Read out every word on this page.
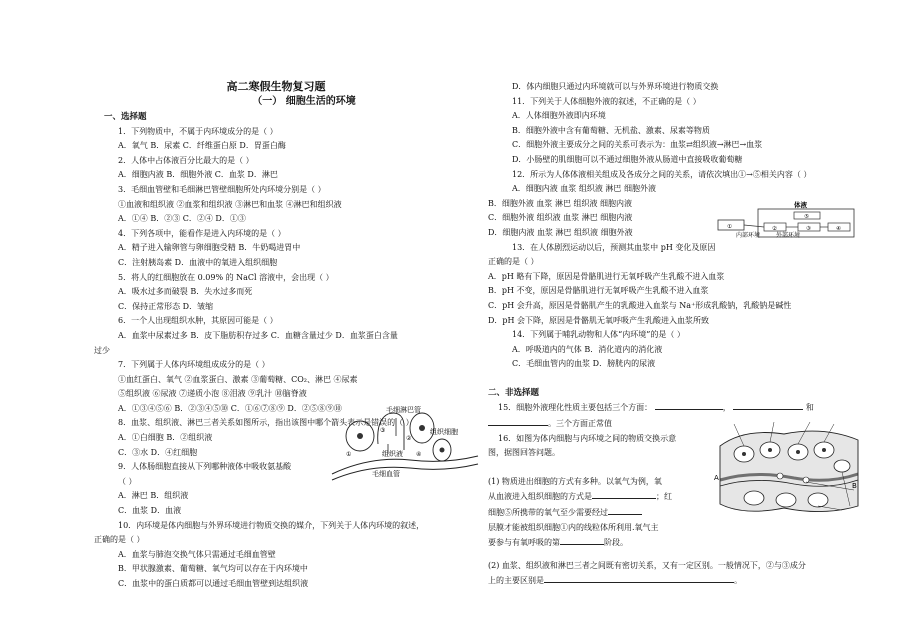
高二寒假生物复习题
（一） 细胞生活的环境
一、选择题
1．下列物质中，不属于内环境成分的是（ ）
A．氧气 B．尿素 C．纤维蛋白原 D．胃蛋白酶
2．人体中占体液百分比最大的是（ ）
A．细胞内液 B．细胞外液 C．血浆 D．淋巴
3．毛细血管壁和毛细淋巴管壁细胞所处内环境分别是（ ）
①血液和组织液 ②血浆和组织液 ③淋巴和血浆 ④淋巴和组织液
A．①④ B．②③ C．②④ D．①③
4．下列各项中，能看作是进入内环境的是（ ）
A．精子进入输卵管与卵细胞受精 B．牛奶喝进胃中
C．注射胰岛素 D．血液中的氧进入组织细胞
5．将人的红细胞放在 0.09% 的 NaCl 溶液中，会出现（ ）
A．吸水过多而破裂 B．失水过多而死
C．保持正常形态 D．皱缩
6．一个人出现组织水肿，其原因可能是（ ）
A．血浆中尿素过多 B．皮下脂肪积存过多 C．血糖含量过少 D．血浆蛋白含量
过少
7．下列属于人体内环境组成成分的是（ ）
①血红蛋白、氧气 ②血浆蛋白、激素 ③葡萄糖、CO₂、淋巴 ④尿素
⑤组织液 ⑥尿液 ⑦递质小泡 ⑧泪液 ⑨乳汁 ⑩脑脊液
A．①③④⑤⑥ B．②③④⑤⑩ C．①⑥⑦⑧⑨ D．②⑤⑧⑨⑩
8．血浆、组织液、淋巴三者关系如图所示，指出该图中哪个箭头表示是错误的（ ）
A．①白细胞 B．②组织液
C．③水 D．④红细胞
9．人体肠细胞直接从下列哪种液体中吸收氨基酸
（ ）
A．淋巴 B．组织液
C．血浆 D．血液
10．内环境是体内细胞与外界环境进行物质交换的媒介，下列关于人体内环境的叙述，
正确的是（ ）
A．血浆与肺泡交换气体只需通过毛细血管壁
B．甲状腺激素、葡萄糖、氧气均可以存在于内环境中
C．血浆中的蛋白质都可以通过毛细血管壁到达组织液
毛细淋巴管
组织液
组织细胞
毛细血管
①
②
③
④
D．体内细胞只通过内环境就可以与外界环境进行物质交换
11．下列关于人体细胞外液的叙述，不正确的是（ ）
A．人体细胞外液即内环境
B．细胞外液中含有葡萄糖、无机盐、激素、尿素等物质
C．细胞外液主要成分之间的关系可表示为：血浆⇄组织液→淋巴→血浆
D．小肠壁的肌细胞可以不通过细胞外液从肠道中直接吸收葡萄糖
12．所示为人体体液相关组成及各成分之间的关系，请依次填出①→⑤相关内容（ ）
A．细胞内液 血浆 组织液 淋巴 细胞外液
B．细胞外液 血浆 淋巴 组织液 细胞内液
C．细胞外液 组织液 血浆 淋巴 细胞内液
D．细胞内液 血浆 淋巴 组织液 细胞外液
13．在人体剧烈运动以后，预测其血浆中 pH 变化及原因
正确的是（ ）
A．pH 略有下降，原因是骨骼肌进行无氧呼吸产生乳酸不进入血浆
B．pH 不变，原因是骨骼肌进行无氧呼吸产生乳酸不进入血浆
C．pH 会升高，原因是骨骼肌产生的乳酸进入血浆与 Na⁺形成乳酸钠，乳酸钠是碱性
D．pH 会下降，原因是骨骼肌无氧呼吸产生乳酸进入血浆所致
14．下列属于哺乳动物和人体“内环境”的是（ ）
A．呼吸道内的气体 B．消化道内的消化液
C．毛细血管内的血浆 D．膀胱内的尿液
二、非选择题
15．细胞外液理化性质主要包括三个方面：	，	和
。三个方面正常值
16．如图为体内细胞与内环境之间的物质交换示意
图，据图回答问题。
(1) 物质进出细胞的方式有多种。以氧气为例，氧
从血液进入组织细胞的方式是	；红
细胞⑤所携带的氧气至少需要经过
层膜才能被组织细胞①内的线粒体所利用.氧气主
要参与有氧呼吸的第	阶段。
(2) 血浆、组织液和淋巴三者之间既有密切关系，又有一定区别。一般情况下，②与③成分
上的主要区别是	。
体液
⑤
①	②	③	④
内部环境	外部环境
A
B
